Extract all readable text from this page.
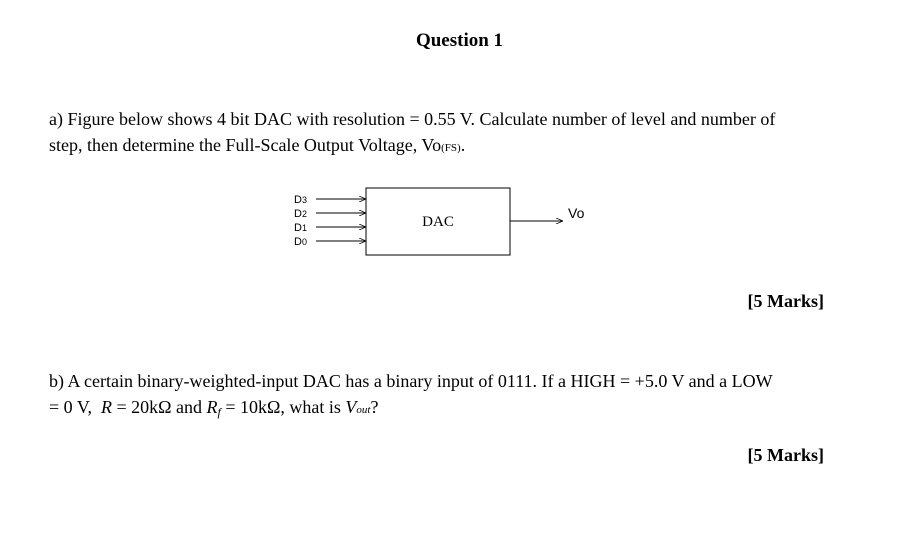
Question 1
a) Figure below shows 4 bit DAC with resolution = 0.55 V. Calculate number of level and number of
step, then determine the Full-Scale Output Voltage, Vo(FS).
D3
D2
D1
D0
DAC
Vo
[5 Marks]
b) A certain binary-weighted-input DAC has a binary input of 0111. If a HIGH = +5.0 V and a LOW
= 0 V, R = 20kΩ and Rf = 10kΩ, what is Vout?
[5 Marks]
